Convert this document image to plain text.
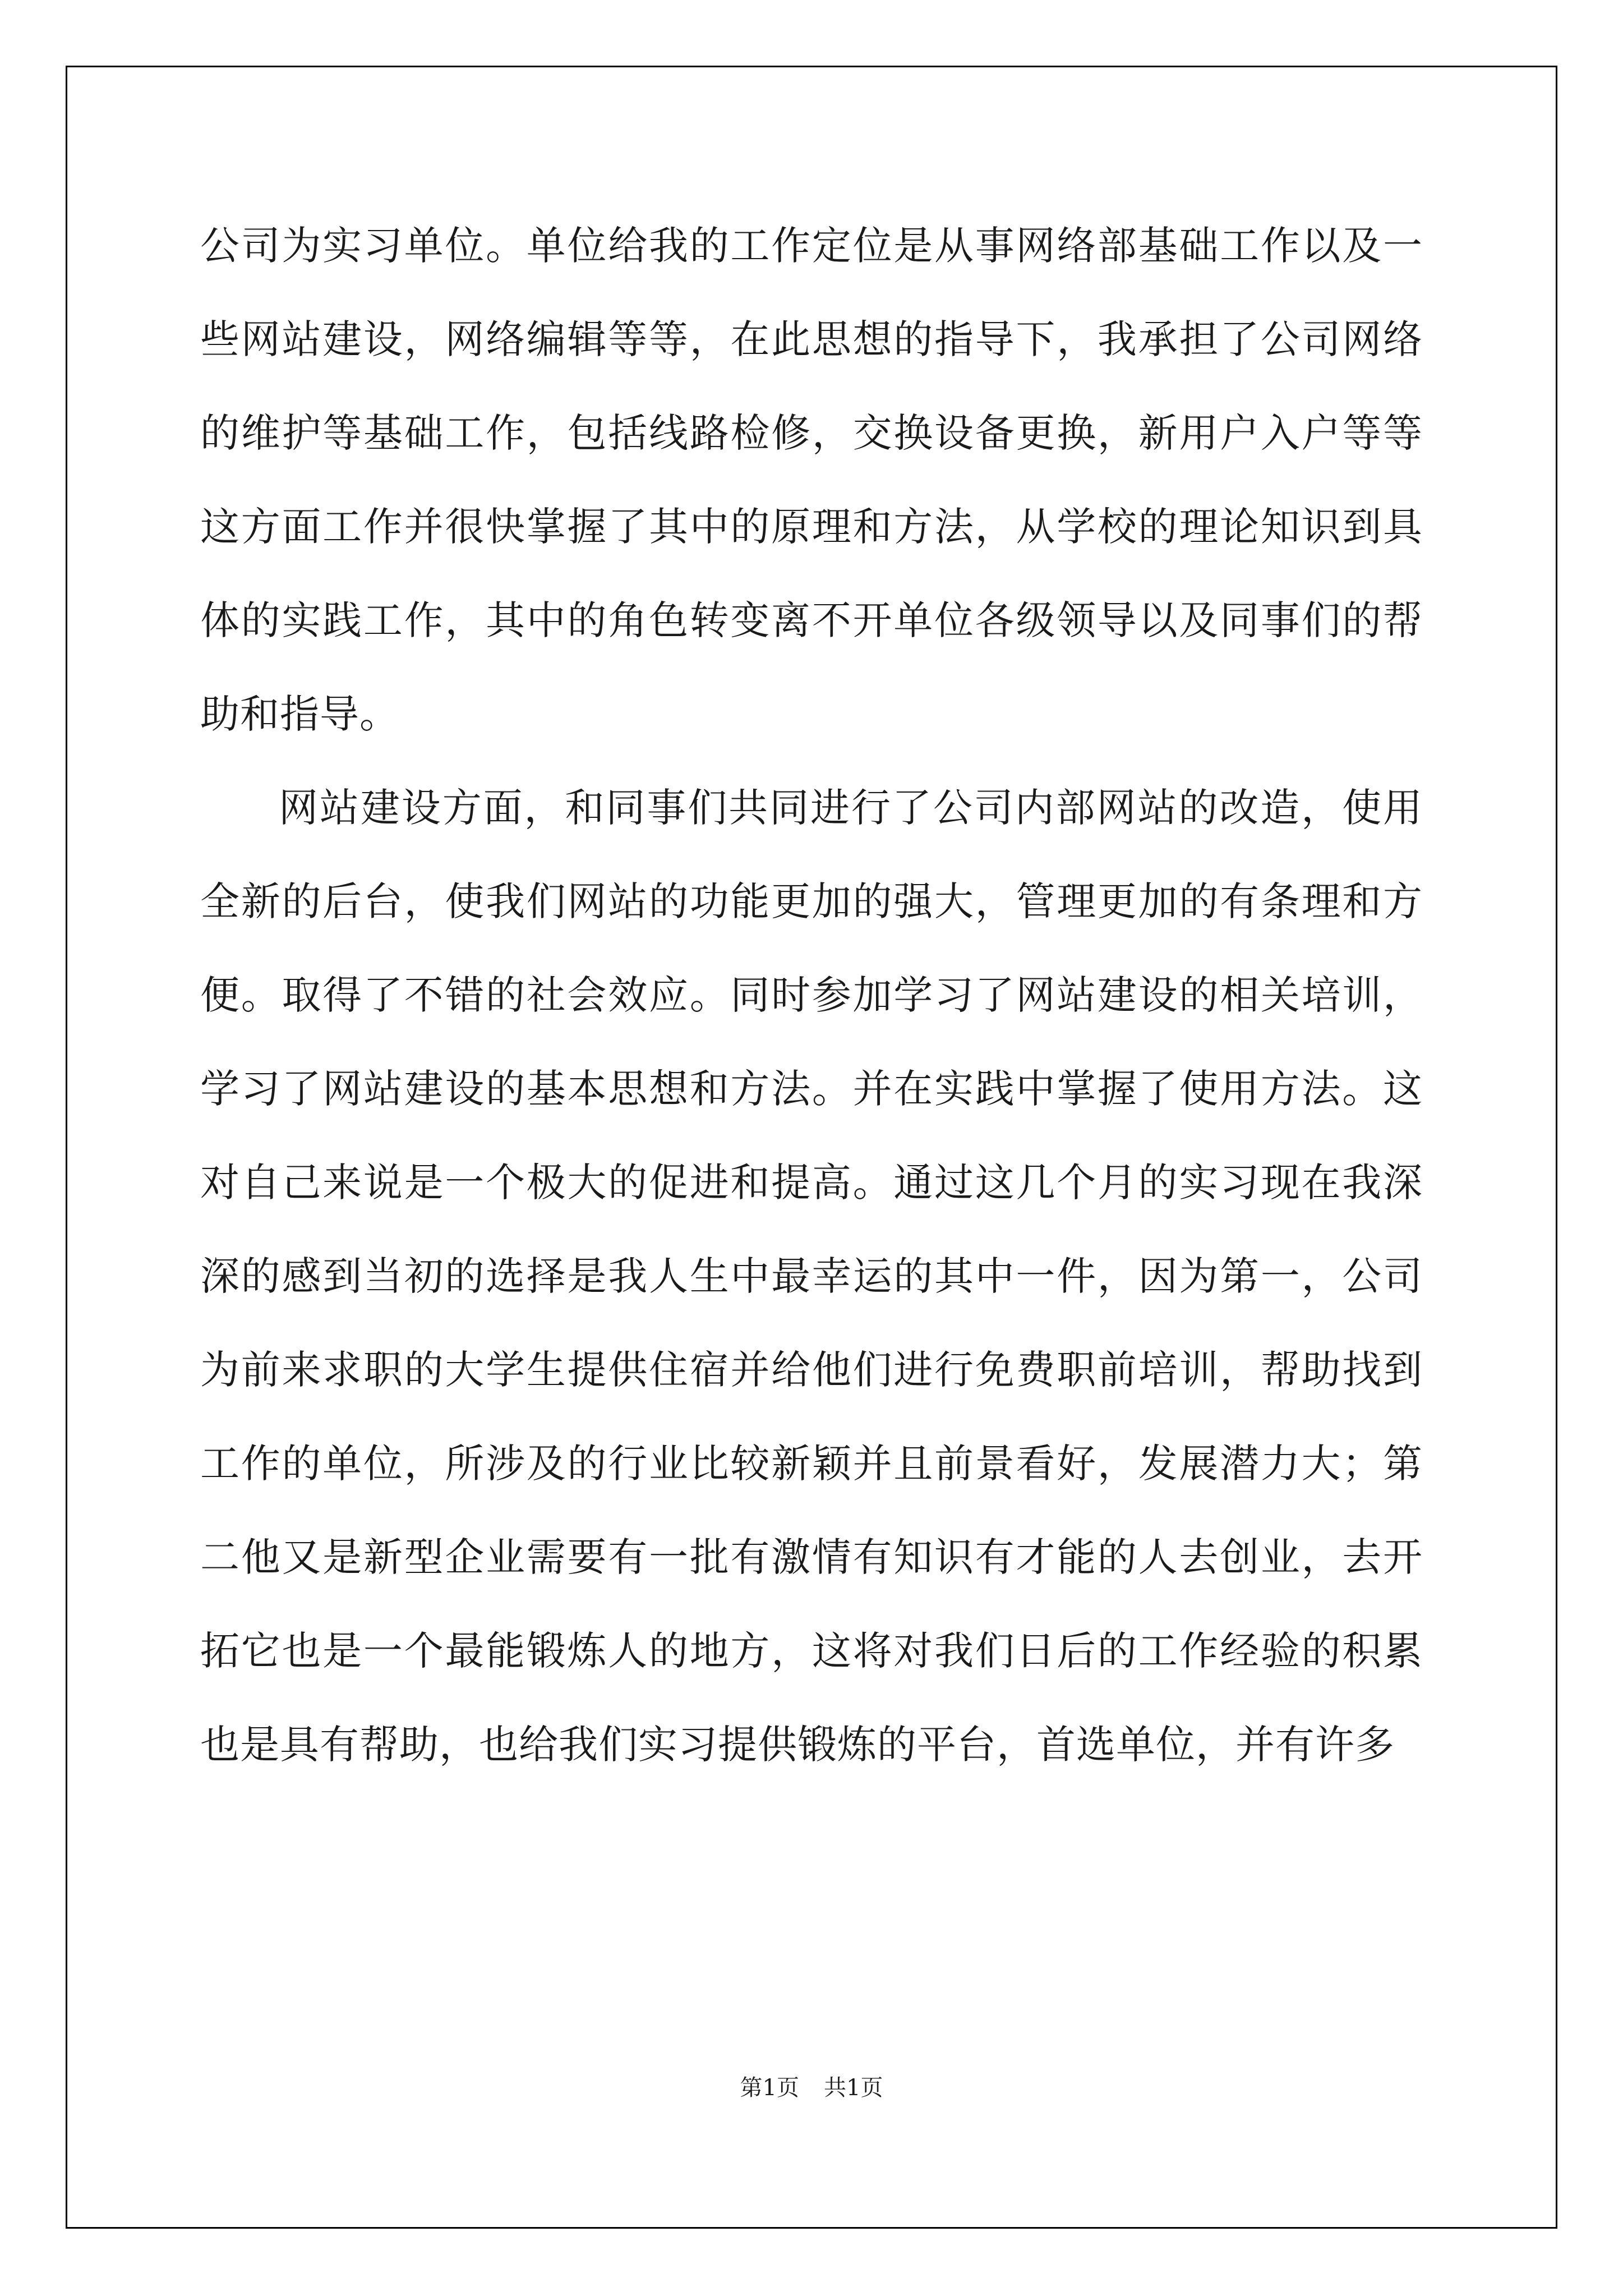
公司为实习单位。单位给我的工作定位是从事网络部基础工作以及一些网站建设，网络编辑等等，在此思想的指导下，我承担了公司网络的维护等基础工作，包括线路检修，交换设备更换，新用户入户等等这方面工作并很快掌握了其中的原理和方法，从学校的理论知识到具体的实践工作，其中的角色转变离不开单位各级领导以及同事们的帮助和指导。

网站建设方面，和同事们共同进行了公司内部网站的改造，使用全新的后台，使我们网站的功能更加的强大，管理更加的有条理和方便。取得了不错的社会效应。同时参加学习了网站建设的相关培训，学习了网站建设的基本思想和方法。并在实践中掌握了使用方法。这对自己来说是一个极大的促进和提高。通过这几个月的实习现在我深深的感到当初的选择是我人生中最幸运的其中一件，因为第一，公司为前来求职的大学生提供住宿并给他们进行免费职前培训，帮助找到工作的单位，所涉及的行业比较新颖并且前景看好，发展潜力大；第二他又是新型企业需要有一批有激情有知识有才能的人去创业，去开拓它也是一个最能锻炼人的地方，这将对我们日后的工作经验的积累也是具有帮助，也给我们实习提供锻炼的平台，首选单位，并有许多

第1页 共1页
